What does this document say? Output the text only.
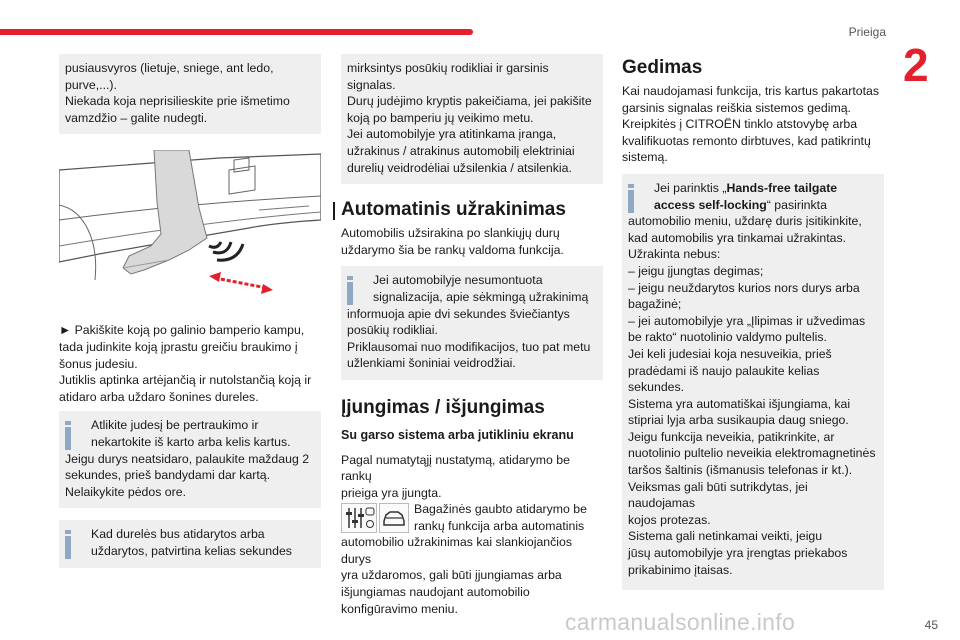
Prieiga
2
pusiausvyros (lietuje, sniege, ant ledo,
purve,...).
Niekada koja neprisilieskite prie išmetimo
vamzdžio – galite nudegti.
► Pakiškite koją po galinio bamperio kampu,
tada judinkite koją įprastu greičiu braukimo į
šonus judesiu.
Jutiklis aptinka artėjančią ir nutolstančią koją ir
atidaro arba uždaro šonines dureles.
Atlikite judesį be pertraukimo ir
nekartokite iš karto arba kelis kartus.
Jeigu durys neatsidaro, palaukite maždaug 2
sekundes, prieš bandydami dar kartą.
Nelaikykite pėdos ore.
Kad durelės bus atidarytos arba
uždarytos, patvirtina kelias sekundes
mirksintys posūkių rodikliai ir garsinis
signalas.
Durų judėjimo kryptis pakeičiama, jei pakišite
koją po bamperiu jų veikimo metu.
Jei automobilyje yra atitinkama įranga,
užrakinus / atrakinus automobilį elektriniai
durelių veidrodėliai užsilenkia / atsilenkia.
Automatinis užrakinimas
Automobilis užsirakina po slankiųjų durų
uždarymo šia be rankų valdoma funkcija.
Jei automobilyje nesumontuota
signalizacija, apie sėkmingą užrakinimą
informuoja apie dvi sekundes šviečiantys
posūkių rodikliai.
Priklausomai nuo modifikacijos, tuo pat metu
užlenkiami šoniniai veidrodžiai.
Įjungimas / išjungimas
Su garso sistema arba jutikliniu ekranu
Pagal numatytąjį nustatymą, atidarymo be rankų
prieiga yra įjungta.
Bagažinės gaubto atidarymo be
rankų funkcija arba automatinis
automobilio užrakinimas kai slankiojančios durys
yra uždaromos, gali būti įjungiamas arba
išjungiamas naudojant automobilio
konfigūravimo meniu.
Gedimas
Kai naudojamasi funkcija, tris kartus pakartotas
garsinis signalas reiškia sistemos gedimą.
Kreipkitės į CITROËN tinklo atstovybę arba
kvalifikuotas remonto dirbtuves, kad patikrintų
sistemą.
Jei parinktis „Hands-free tailgate
access self-locking“ pasirinkta
automobilio meniu, uždarę duris įsitikinkite,
kad automobilis yra tinkamai užrakintas.
Užrakinta nebus:
– jeigu įjungtas degimas;
– jeigu neuždarytos kurios nors durys arba
bagažinė;
– jei automobilyje yra „Įlipimas ir užvedimas
be rakto“ nuotolinio valdymo pultelis.
Jei keli judesiai koja nesuveikia, prieš
pradėdami iš naujo palaukite kelias sekundes.
Sistema yra automatiškai išjungiama, kai
stipriai lyja arba susikaupia daug sniego.
Jeigu funkcija neveikia, patikrinkite, ar
nuotolinio pultelio neveikia elektromagnetinės
taršos šaltinis (išmanusis telefonas ir kt.).
Veiksmas gali būti sutrikdytas, jei naudojamas
kojos protezas.
Sistema gali netinkamai veikti, jeigu
jūsų automobilyje yra įrengtas priekabos
prikabinimo įtaisas.
carmanualsonline.info	45
